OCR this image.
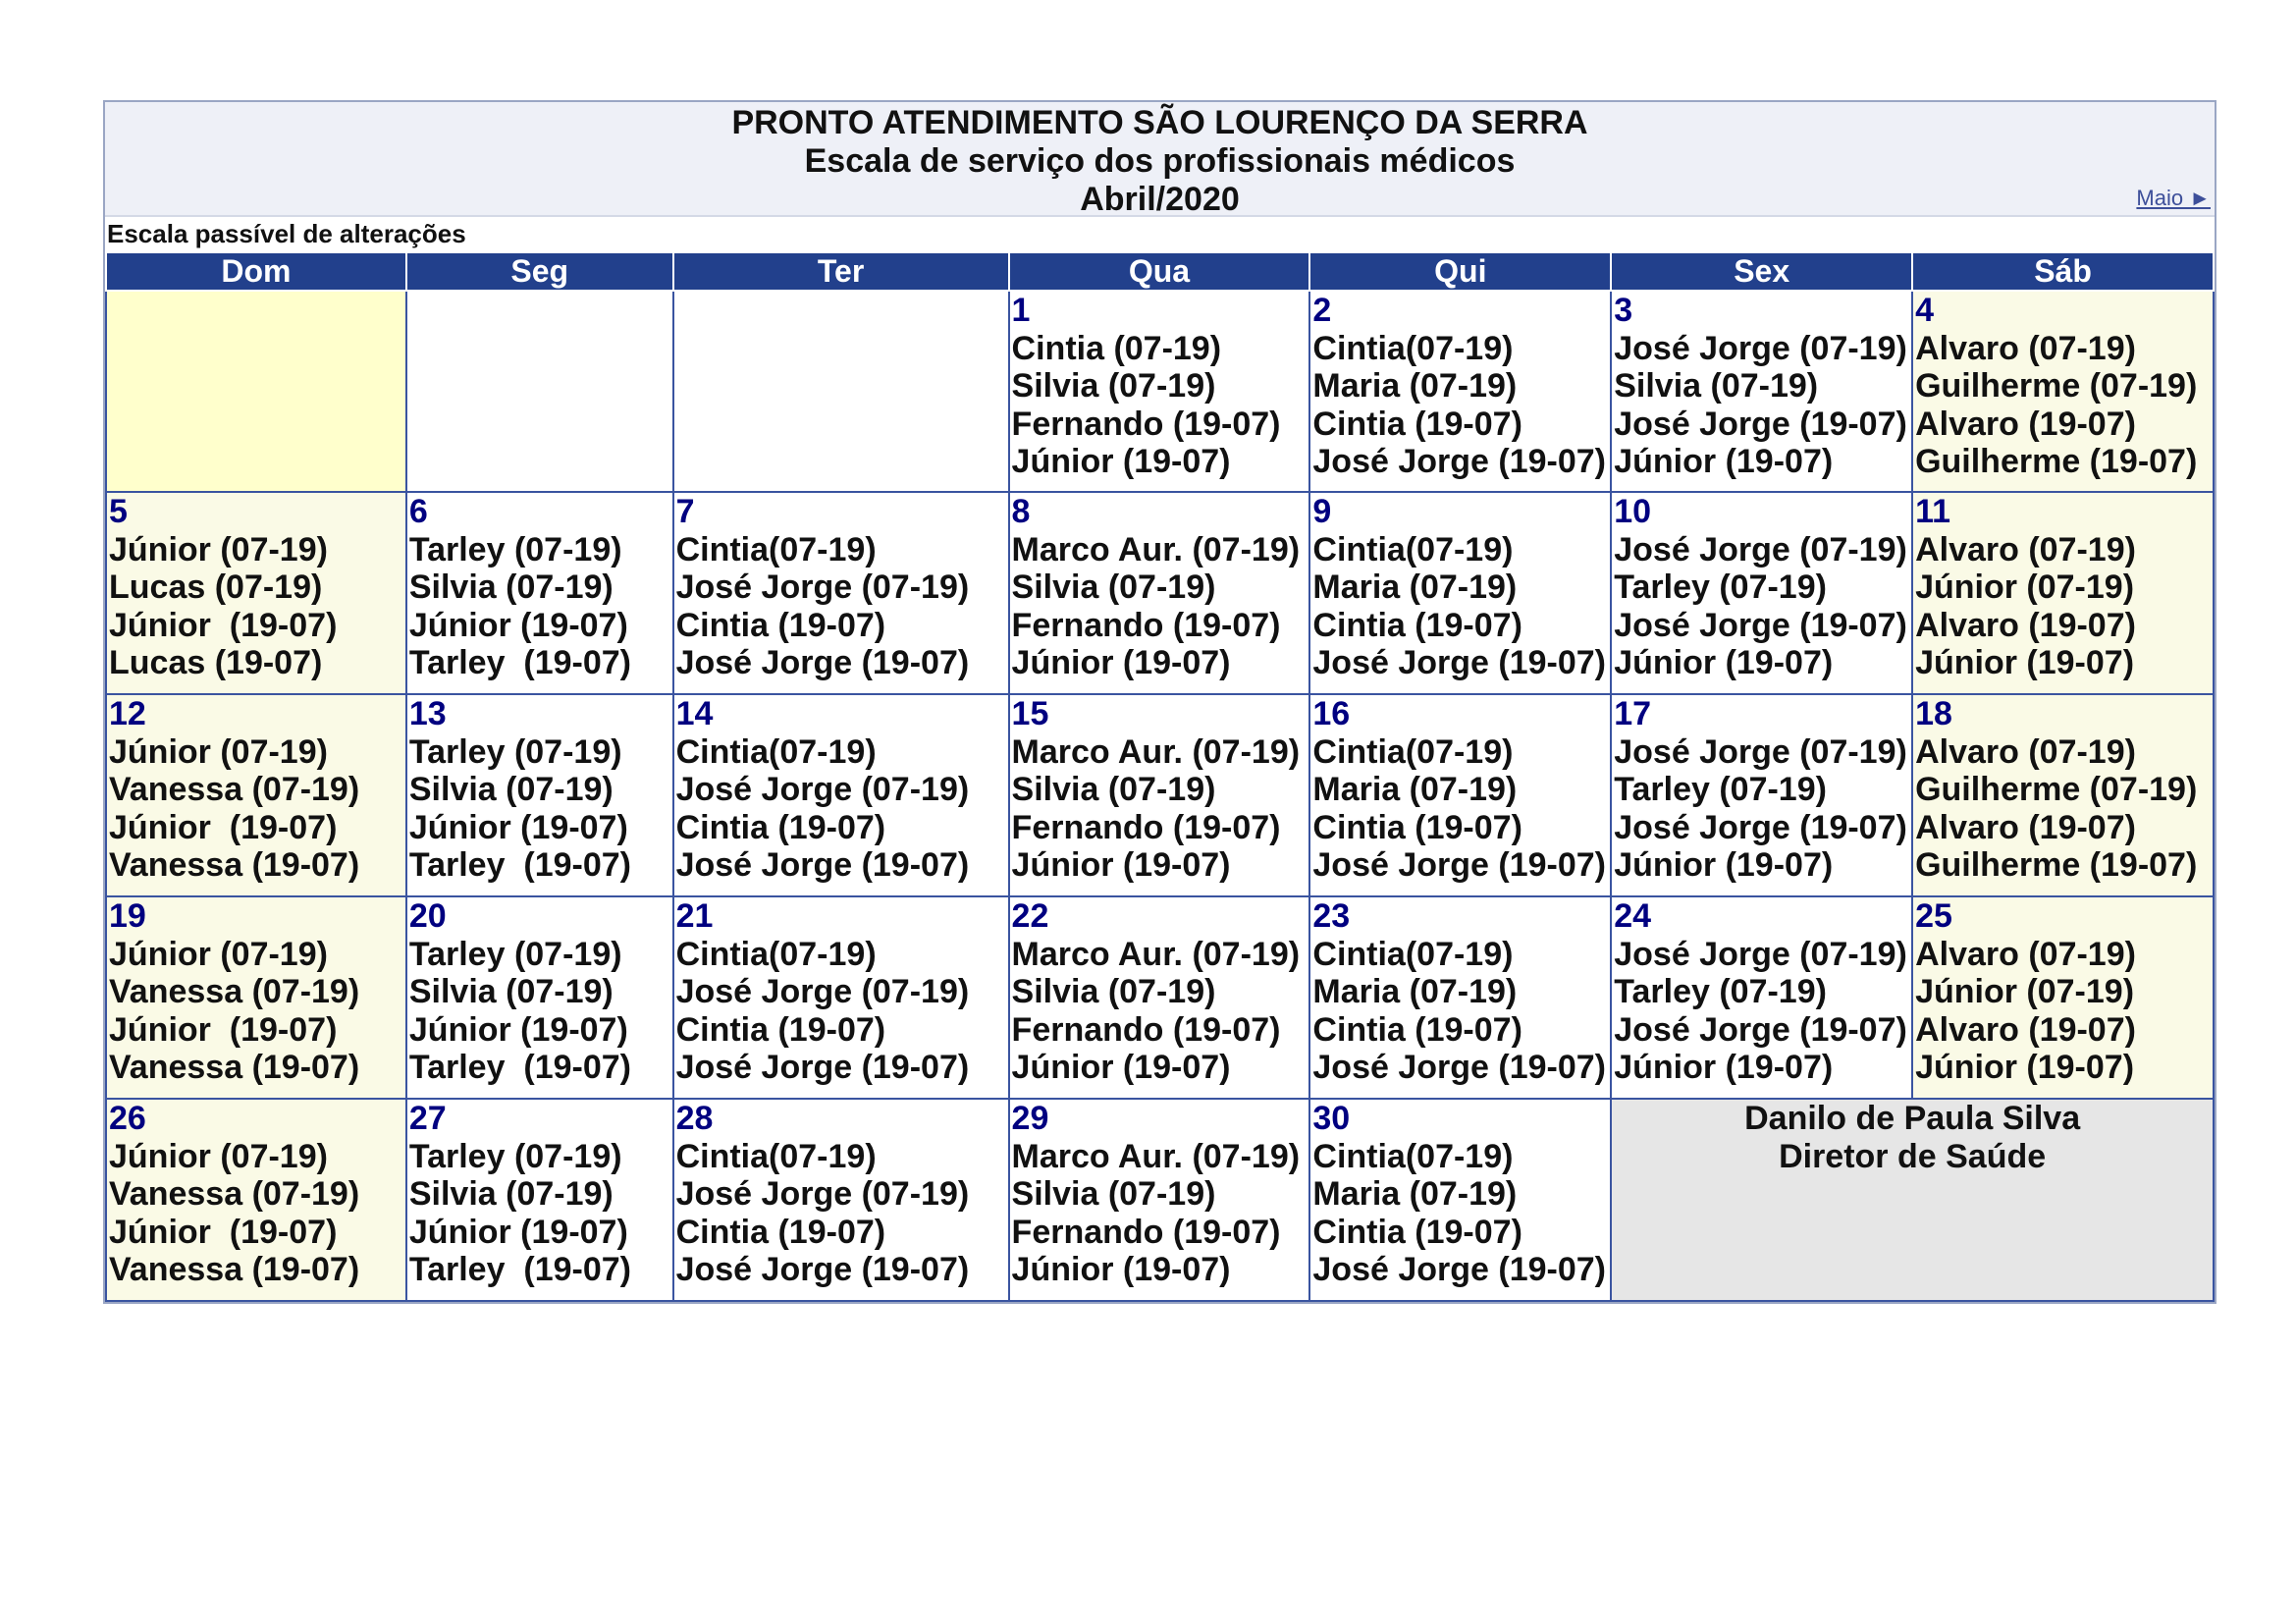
PRONTO ATENDIMENTO SÃO LOURENÇO DA SERRA
Escala de serviço dos profissionais médicos
Abril/2020	Maio ►
Escala passível de alterações
Dom	Seg	Ter	Qua	Qui	Sex	Sáb

			1
Cintia (07-19)
Silvia (07-19)
Fernando (19-07)
Júnior (19-07)	2
Cintia(07-19)
Maria (07-19)
Cintia (19-07)
José Jorge (19-07)	3
José Jorge (07-19)
Silvia (07-19)
José Jorge (19-07)
Júnior (19-07)	4
Alvaro (07-19)
Guilherme (07-19)
Alvaro (19-07)
Guilherme (19-07)

5
Júnior (07-19)
Lucas (07-19)
Júnior  (19-07)
Lucas (19-07)	6
Tarley (07-19)
Silvia (07-19)
Júnior (19-07)
Tarley  (19-07)	7
Cintia(07-19)
José Jorge (07-19)
Cintia (19-07)
José Jorge (19-07)	8
Marco Aur. (07-19)
Silvia (07-19)
Fernando (19-07)
Júnior (19-07)	9
Cintia(07-19)
Maria (07-19)
Cintia (19-07)
José Jorge (19-07)	10
José Jorge (07-19)
Tarley (07-19)
José Jorge (19-07)
Júnior (19-07)	11
Alvaro (07-19)
Júnior (07-19)
Alvaro (19-07)
Júnior (19-07)

12
Júnior (07-19)
Vanessa (07-19)
Júnior  (19-07)
Vanessa (19-07)	13
Tarley (07-19)
Silvia (07-19)
Júnior (19-07)
Tarley  (19-07)	14
Cintia(07-19)
José Jorge (07-19)
Cintia (19-07)
José Jorge (19-07)	15
Marco Aur. (07-19)
Silvia (07-19)
Fernando (19-07)
Júnior (19-07)	16
Cintia(07-19)
Maria (07-19)
Cintia (19-07)
José Jorge (19-07)	17
José Jorge (07-19)
Tarley (07-19)
José Jorge (19-07)
Júnior (19-07)	18
Alvaro (07-19)
Guilherme (07-19)
Alvaro (19-07)
Guilherme (19-07)

19
Júnior (07-19)
Vanessa (07-19)
Júnior  (19-07)
Vanessa (19-07)	20
Tarley (07-19)
Silvia (07-19)
Júnior (19-07)
Tarley  (19-07)	21
Cintia(07-19)
José Jorge (07-19)
Cintia (19-07)
José Jorge (19-07)	22
Marco Aur. (07-19)
Silvia (07-19)
Fernando (19-07)
Júnior (19-07)	23
Cintia(07-19)
Maria (07-19)
Cintia (19-07)
José Jorge (19-07)	24
José Jorge (07-19)
Tarley (07-19)
José Jorge (19-07)
Júnior (19-07)	25
Alvaro (07-19)
Júnior (07-19)
Alvaro (19-07)
Júnior (19-07)

26
Júnior (07-19)
Vanessa (07-19)
Júnior  (19-07)
Vanessa (19-07)	27
Tarley (07-19)
Silvia (07-19)
Júnior (19-07)
Tarley  (19-07)	28
Cintia(07-19)
José Jorge (07-19)
Cintia (19-07)
José Jorge (19-07)	29
Marco Aur. (07-19)
Silvia (07-19)
Fernando (19-07)
Júnior (19-07)	30
Cintia(07-19)
Maria (07-19)
Cintia (19-07)
José Jorge (19-07)	Danilo de Paula Silva
Diretor de Saúde	
